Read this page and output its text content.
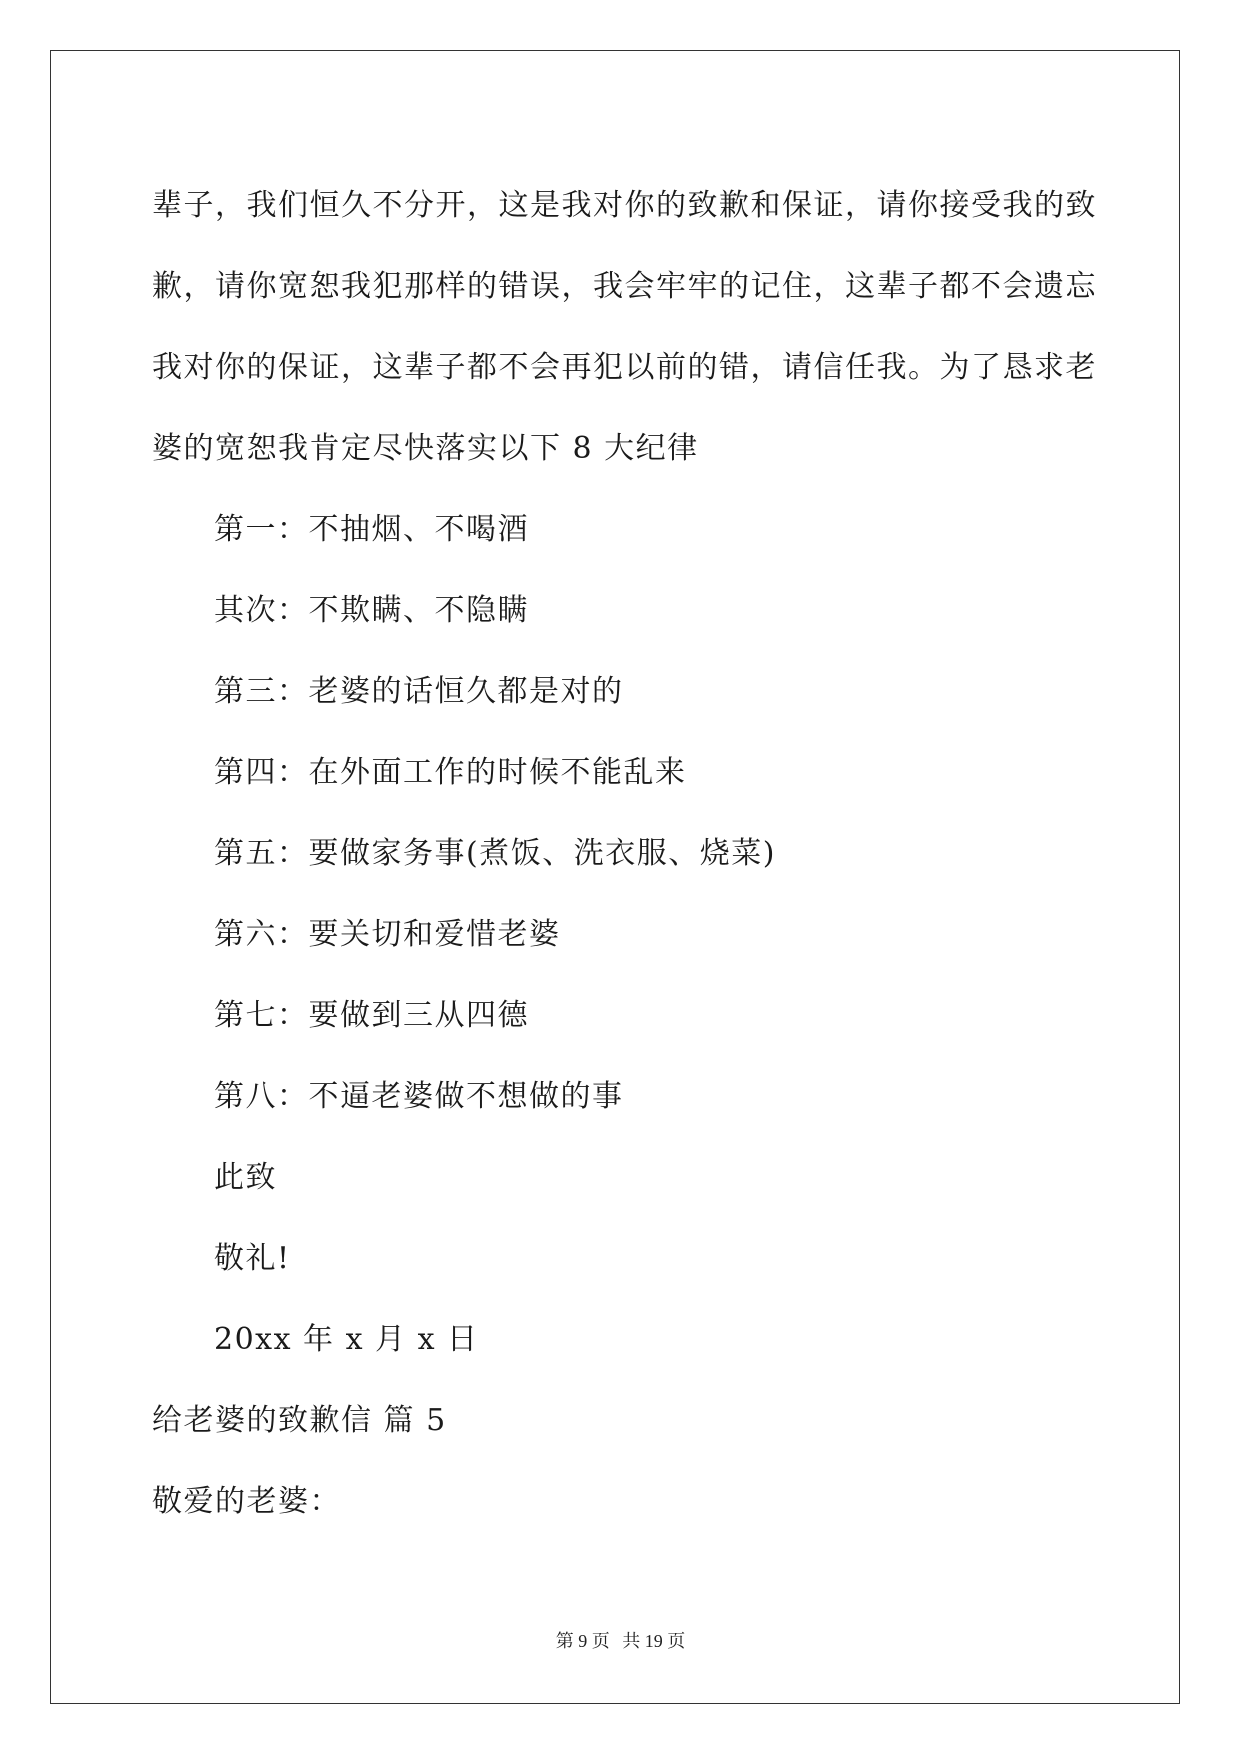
辈子，我们恒久不分开，这是我对你的致歉和保证，请你接受我的致
歉，请你宽恕我犯那样的错误，我会牢牢的记住，这辈子都不会遗忘
我对你的保证，这辈子都不会再犯以前的错，请信任我。为了恳求老
婆的宽恕我肯定尽快落实以下 8 大纪律
第一：不抽烟、不喝酒
其次：不欺瞒、不隐瞒
第三：老婆的话恒久都是对的
第四：在外面工作的时候不能乱来
第五：要做家务事(煮饭、洗衣服、烧菜)
第六：要关切和爱惜老婆
第七：要做到三从四德
第八：不逼老婆做不想做的事
此致
敬礼!
20xx 年 x 月 x 日
给老婆的致歉信 篇 5
敬爱的老婆：
第 9 页 共 19 页
